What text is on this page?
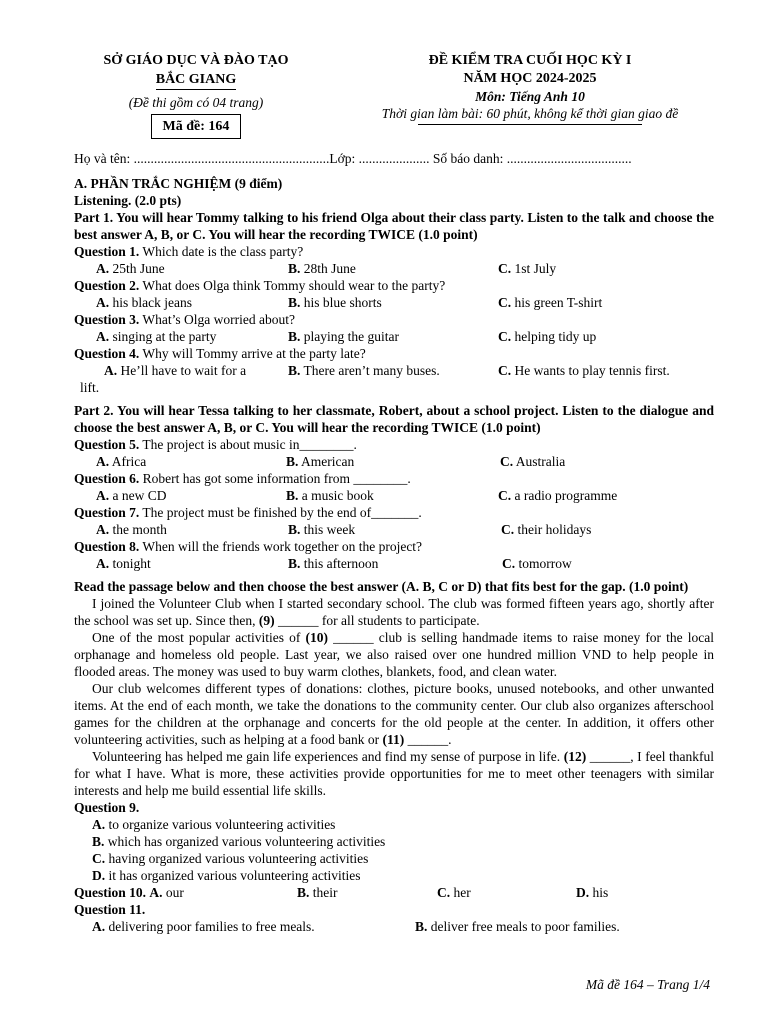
SỞ GIÁO DỤC VÀ ĐÀO TẠO
BẮC GIANG
(Đề thi gồm có 04 trang)
Mã đề: 164
ĐỀ KIỂM TRA CUỐI HỌC KỲ I
NĂM HỌC 2024-2025
Môn: Tiếng Anh 10
Thời gian làm bài: 60 phút, không kể thời gian giao đề
Họ và tên: ..........................................................Lớp: ..................... Số báo danh: .....................................
A. PHẦN TRẮC NGHIỆM (9 điểm)
Listening. (2.0 pts)
Part 1. You will hear Tommy talking to his friend Olga about their class party. Listen to the talk and choose the best answer A, B, or C. You will hear the recording TWICE (1.0 point)
Question 1. Which date is the class party?
A. 25th June	B. 28th June	C. 1st July
Question 2. What does Olga think Tommy should wear to the party?
A. his black jeans	B. his blue shorts	C. his green T-shirt
Question 3. What’s Olga worried about?
A. singing at the party	B. playing the guitar	C. helping tidy up
Question 4. Why will Tommy arrive at the party late?
A. He’ll have to wait for a	B. There aren’t many buses.	C. He wants to play tennis first.
lift.
Part 2. You will hear Tessa talking to her classmate, Robert, about a school project. Listen to the dialogue and choose the best answer A, B, or C. You will hear the recording TWICE (1.0 point)
Question 5. The project is about music in________.
A. Africa	B. American	C. Australia
Question 6. Robert has got some information from ________.
A. a new CD	B. a music book	C. a radio programme
Question 7. The project must be finished by the end of_______.
A. the month	B. this week	C. their holidays
Question 8. When will the friends work together on the project?
A. tonight	B. this afternoon	C. tomorrow
Read the passage below and then choose the best answer (A. B, C or D) that fits best for the gap. (1.0 point)
I joined the Volunteer Club when I started secondary school. The club was formed fifteen years ago, shortly after the school was set up. Since then, (9) ______ for all students to participate.
One of the most popular activities of (10) ______ club is selling handmade items to raise money for the local orphanage and homeless old people. Last year, we also raised over one hundred million VND to help people in flooded areas. The money was used to buy warm clothes, blankets, food, and clean water.
Our club welcomes different types of donations: clothes, picture books, unused notebooks, and other unwanted items. At the end of each month, we take the donations to the community center. Our club also organizes afterschool games for the children at the orphanage and concerts for the old people at the center. In addition, it offers other volunteering activities, such as helping at a food bank or (11) ______.
Volunteering has helped me gain life experiences and find my sense of purpose in life. (12) ______, I feel thankful for what I have. What is more, these activities provide opportunities for me to meet other teenagers with similar interests and help me build essential life skills.
Question 9.
A. to organize various volunteering activities
B. which has organized various volunteering activities
C. having organized various volunteering activities
D. it has organized various volunteering activities
Question 10. A. our	B. their	C. her	D. his
Question 11.
A. delivering poor families to free meals.	B. deliver free meals to poor families.
Mã đề 164 – Trang 1/4
